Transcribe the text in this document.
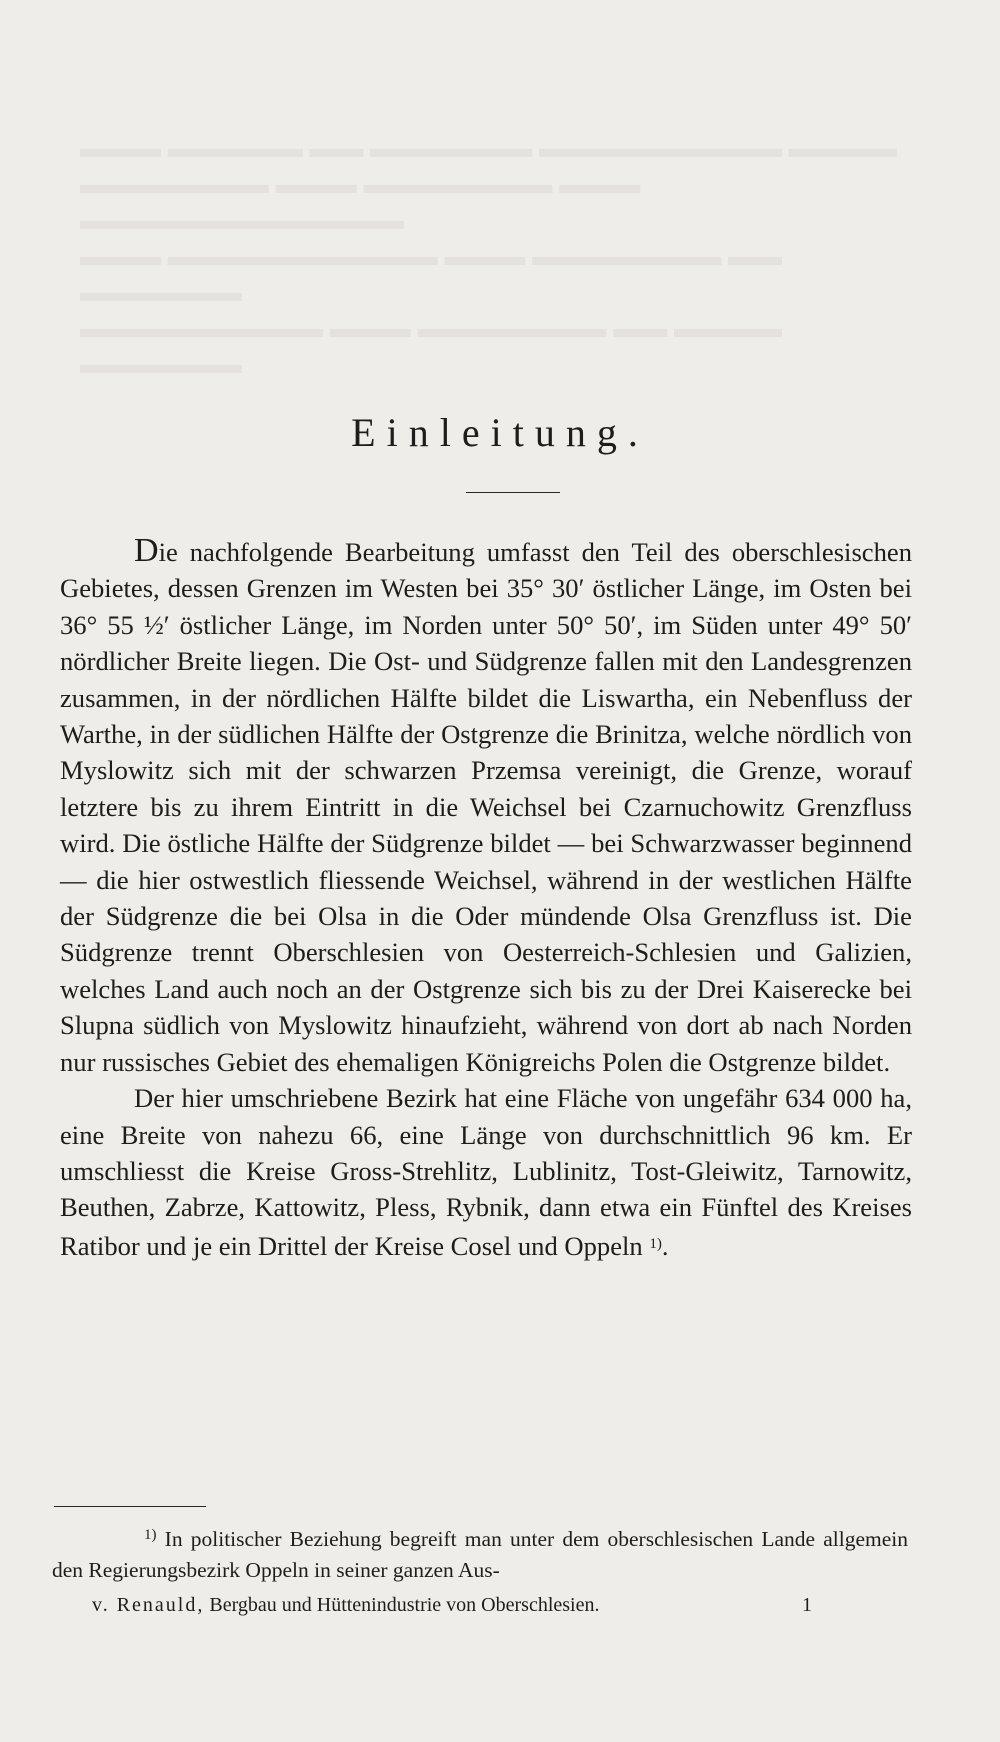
▬▬▬ ▬▬▬▬▬ ▬▬ ▬▬▬▬▬▬ ▬▬▬▬▬▬▬▬▬ ▬▬▬▬
▬▬▬▬▬▬▬ ▬▬▬ ▬▬▬▬▬▬▬ ▬▬▬ ▬▬▬▬▬▬▬▬▬▬▬▬
▬▬▬ ▬▬▬▬▬▬▬▬▬▬ ▬▬▬ ▬▬▬▬▬▬▬ ▬▬ ▬▬▬▬▬▬
▬▬▬▬▬▬▬▬▬ ▬▬▬ ▬▬▬▬▬▬▬ ▬▬ ▬▬▬▬ ▬▬▬▬▬▬
Einleitung.

Die nachfolgende Bearbeitung umfasst den Teil des oberschlesischen Gebietes, dessen Grenzen im Westen bei 35° 30′ östlicher Länge, im Osten bei 36° 55 ½′ östlicher Länge, im Norden unter 50° 50′, im Süden unter 49° 50′ nördlicher Breite liegen. Die Ost- und Südgrenze fallen mit den Landesgrenzen zusammen, in der nördlichen Hälfte bildet die Liswartha, ein Nebenfluss der Warthe, in der südlichen Hälfte der Ostgrenze die Brinitza, welche nördlich von Myslowitz sich mit der schwarzen Przemsa vereinigt, die Grenze, worauf letztere bis zu ihrem Eintritt in die Weichsel bei Czarnuchowitz Grenzfluss wird. Die östliche Hälfte der Südgrenze bildet — bei Schwarzwasser beginnend — die hier ostwestlich fliessende Weichsel, während in der westlichen Hälfte der Südgrenze die bei Olsa in die Oder mündende Olsa Grenzfluss ist. Die Südgrenze trennt Oberschlesien von Oesterreich-Schlesien und Galizien, welches Land auch noch an der Ostgrenze sich bis zu der Drei Kaiserecke bei Slupna südlich von Myslowitz hinaufzieht, während von dort ab nach Norden nur russisches Gebiet des ehemaligen Königreichs Polen die Ostgrenze bildet.

Der hier umschriebene Bezirk hat eine Fläche von ungefähr 634 000 ha, eine Breite von nahezu 66, eine Länge von durchschnittlich 96 km. Er umschliesst die Kreise Gross-Strehlitz, Lublinitz, Tost-Gleiwitz, Tarnowitz, Beuthen, Zabrze, Kattowitz, Pless, Rybnik, dann etwa ein Fünftel des Kreises Ratibor und je ein Drittel der Kreise Cosel und Oppeln $^{1)}$.

$^{1)}$ In politischer Beziehung begreift man unter dem oberschlesischen Lande allgemein den Regierungsbezirk Oppeln in seiner ganzen Aus-

v. Renauld, Bergbau und Hüttenindustrie von Oberschlesien.	1
